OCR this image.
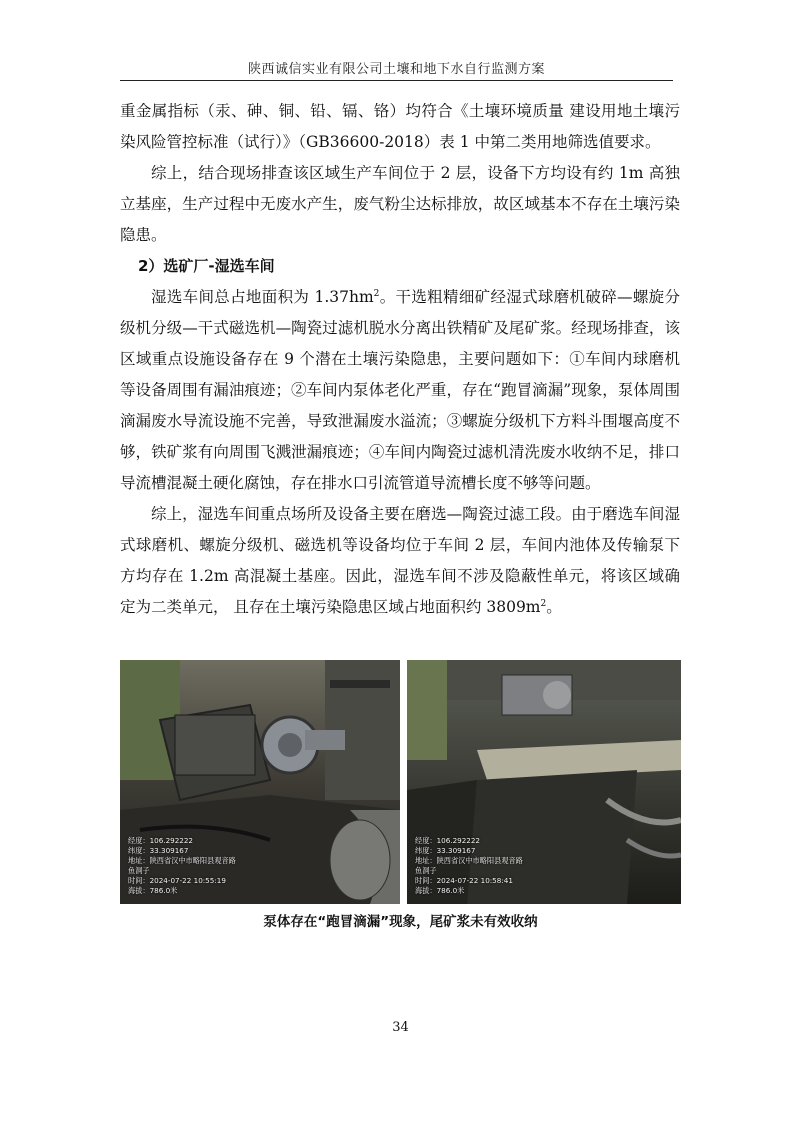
陕西诚信实业有限公司土壤和地下水自行监测方案

重金属指标（汞、砷、铜、铅、镉、铬）均符合《土壤环境质量 建设用地土壤污染风险管控标准（试行）》（GB36600-2018）表 1 中第二类用地筛选值要求。

综上，结合现场排查该区域生产车间位于 2 层，设备下方均设有约 1m 高独立基座，生产过程中无废水产生，废气粉尘达标排放，故区域基本不存在土壤污染隐患。

2）选矿厂-湿选车间

湿选车间总占地面积为 $1.37hm^2$。干选粗精细矿经湿式球磨机破碎—螺旋分级机分级—干式磁选机—陶瓷过滤机脱水分离出铁精矿及尾矿浆。经现场排查，该区域重点设施设备存在 9 个潜在土壤污染隐患，主要问题如下：①车间内球磨机等设备周围有漏油痕迹；②车间内泵体老化严重，存在“跑冒滴漏”现象，泵体周围滴漏废水导流设施不完善，导致泄漏废水溢流；③螺旋分级机下方料斗围堰高度不够，铁矿浆有向周围飞溅泄漏痕迹；④车间内陶瓷过滤机清洗废水收纳不足，排口导流槽混凝土硬化腐蚀，存在排水口引流管道导流槽长度不够等问题。

综上，湿选车间重点场所及设备主要在磨选—陶瓷过滤工段。由于磨选车间湿式球磨机、螺旋分级机、磁选机等设备均位于车间 2 层，车间内池体及传输泵下方均存在 1.2m 高混凝土基座。因此，湿选车间不涉及隐蔽性单元，将该区域确定为二类单元， 且存在土壤污染隐患区域占地面积约 $3809m^2$。

经度：106.292222
纬度：33.309167
地址：陕西省汉中市略阳县观音路
鱼洞子
时间：2024-07-22 10:55:19
海拔：786.0米
经度：106.292222
纬度：33.309167
地址：陕西省汉中市略阳县观音路
鱼洞子
时间：2024-07-22 10:58:41
海拔：786.0米
泵体存在“跑冒滴漏”现象，尾矿浆未有效收纳
34
